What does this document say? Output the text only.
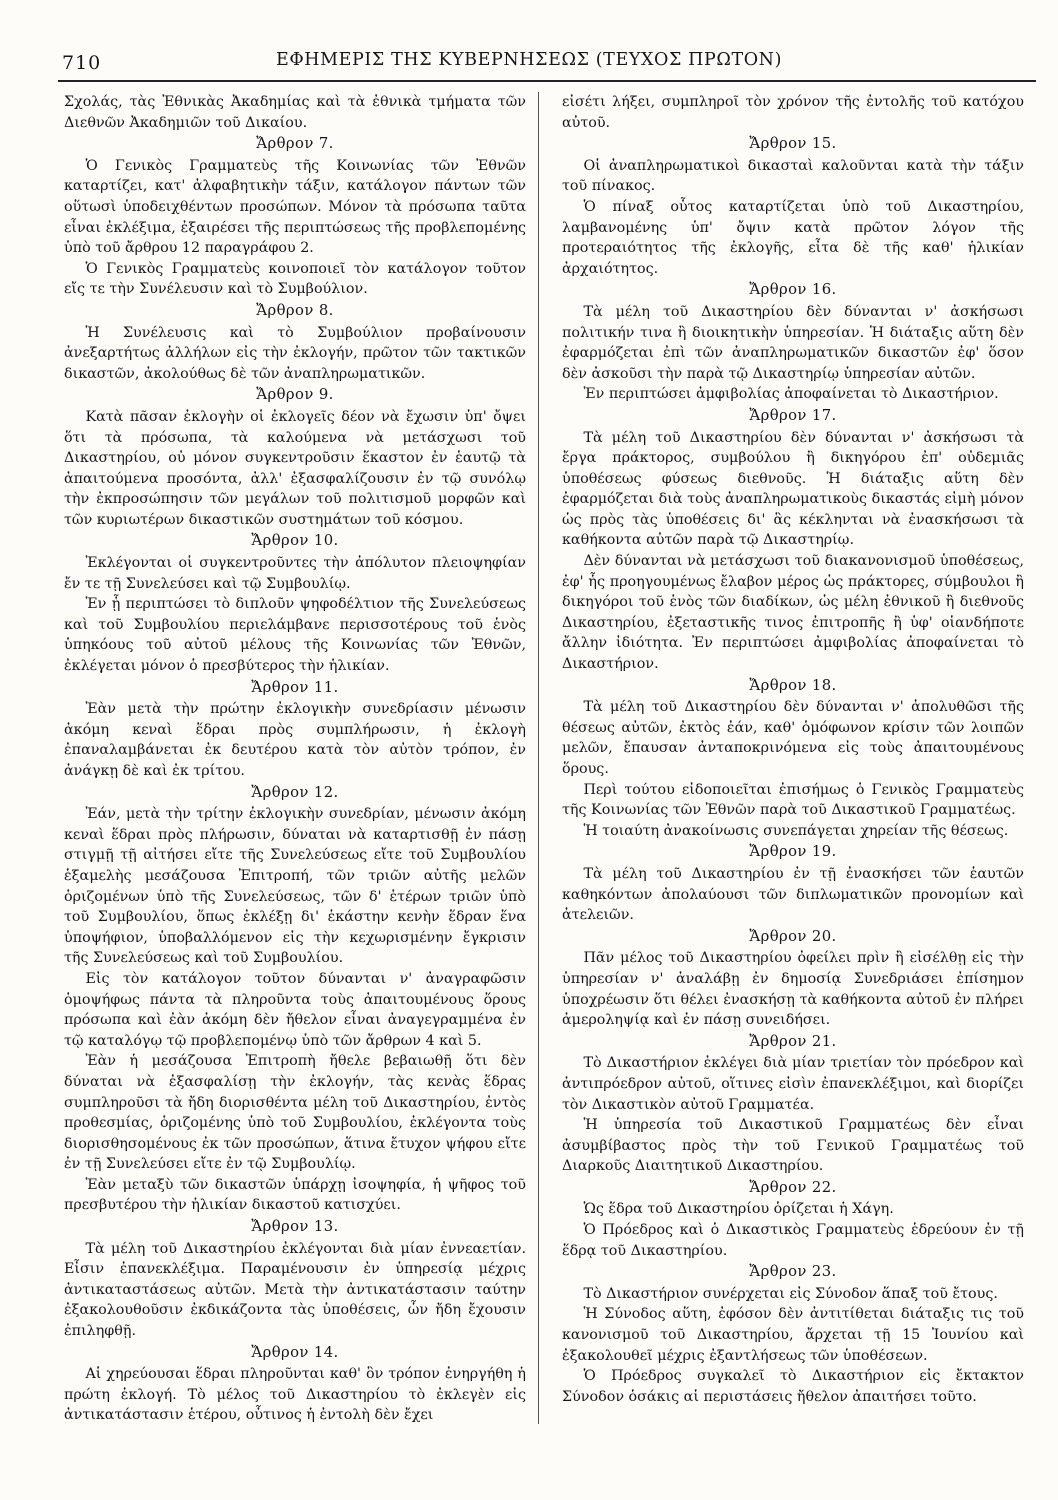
710	ΕΦΗΜΕΡΙΣ ΤΗΣ ΚΥΒΕΡΝΗΣΕΩΣ (ΤΕΥΧΟΣ ΠΡΩΤΟΝ)

Σχολάς, τὰς Ἐθνικὰς Ἀκαδημίας καὶ τὰ ἐθνικὰ τμήματα τῶν Διεθνῶν Ἀκαδημιῶν τοῦ Δικαίου.

Ἄρθρον 7.

Ὁ Γενικὸς Γραμματεὺς τῆς Κοινωνίας τῶν Ἐθνῶν καταρτίζει, κατ' ἀλφαβητικὴν τάξιν, κατάλογον πάντων τῶν οὕτωσὶ ὑποδειχθέντων προσώπων. Μόνον τὰ πρόσωπα ταῦτα εἶναι ἐκλέξιμα, ἐξαιρέσει τῆς περιπτώσεως τῆς προβλεπομένης ὑπὸ τοῦ ἄρθρου 12 παραγράφου 2.

Ὁ Γενικὸς Γραμματεὺς κοινοποιεῖ τὸν κατάλογον τοῦτον εἴς τε τὴν Συνέλευσιν καὶ τὸ Συμβούλιον.

Ἄρθρον 8.

Ἡ Συνέλευσις καὶ τὸ Συμβούλιον προβαίνουσιν ἀνεξαρτήτως ἀλλήλων εἰς τὴν ἐκλογήν, πρῶτον τῶν τακτικῶν δικαστῶν, ἀκολούθως δὲ τῶν ἀναπληρωματικῶν.

Ἄρθρον 9.

Κατὰ πᾶσαν ἐκλογὴν οἱ ἐκλογεῖς δέον νὰ ἔχωσιν ὑπ' ὄψει ὅτι τὰ πρόσωπα, τὰ καλούμενα νὰ μετάσχωσι τοῦ Δικαστηρίου, οὐ μόνον συγκεντροῦσιν ἕκαστον ἐν ἑαυτῷ τὰ ἀπαιτούμενα προσόντα, ἀλλ' ἐξασφαλίζουσιν ἐν τῷ συνόλῳ τὴν ἐκπροσώπησιν τῶν μεγάλων τοῦ πολιτισμοῦ μορφῶν καὶ τῶν κυριωτέρων δικαστικῶν συστημάτων τοῦ κόσμου.

Ἄρθρον 10.

Ἐκλέγονται οἱ συγκεντροῦντες τὴν ἀπόλυτον πλειοψηφίαν ἔν τε τῇ Συνελεύσει καὶ τῷ Συμβουλίῳ.

Ἐν ᾗ περιπτώσει τὸ διπλοῦν ψηφοδέλτιον τῆς Συνελεύσεως καὶ τοῦ Συμβουλίου περιελάμβανε περισσοτέρους τοῦ ἑνὸς ὑπηκόους τοῦ αὐτοῦ μέλους τῆς Κοινωνίας τῶν Ἐθνῶν, ἐκλέγεται μόνον ὁ πρεσβύτερος τὴν ἡλικίαν.

Ἄρθρον 11.

Ἐὰν μετὰ τὴν πρώτην ἐκλογικὴν συνεδρίασιν μένωσιν ἀκόμη κεναὶ ἕδραι πρὸς συμπλήρωσιν, ἡ ἐκλογὴ ἐπαναλαμβάνεται ἐκ δευτέρου κατὰ τὸν αὐτὸν τρόπον, ἐν ἀνάγκῃ δὲ καὶ ἐκ τρίτου.

Ἄρθρον 12.

Ἐάν, μετὰ τὴν τρίτην ἐκλογικὴν συνεδρίαν, μένωσιν ἀκόμη κεναὶ ἕδραι πρὸς πλήρωσιν, δύναται νὰ καταρτισθῇ ἐν πάσῃ στιγμῇ τῇ αἰτήσει εἴτε τῆς Συνελεύσεως εἴτε τοῦ Συμβουλίου ἑξαμελὴς μεσάζουσα Ἐπιτροπή, τῶν τριῶν αὐτῆς μελῶν ὁριζομένων ὑπὸ τῆς Συνελεύσεως, τῶν δ' ἑτέρων τριῶν ὑπὸ τοῦ Συμβουλίου, ὅπως ἐκλέξῃ δι' ἑκάστην κενὴν ἕδραν ἕνα ὑποψήφιον, ὑποβαλλόμενον εἰς τὴν κεχωρισμένην ἔγκρισιν τῆς Συνελεύσεως καὶ τοῦ Συμβουλίου.

Εἰς τὸν κατάλογον τοῦτον δύνανται ν' ἀναγραφῶσιν ὁμοψήφως πάντα τὰ πληροῦντα τοὺς ἀπαιτουμένους ὅρους πρόσωπα καὶ ἐὰν ἀκόμη δὲν ἤθελον εἶναι ἀναγεγραμμένα ἐν τῷ καταλόγῳ τῷ προβλεπομένῳ ὑπὸ τῶν ἄρθρων 4 καὶ 5.

Ἐὰν ἡ μεσάζουσα Ἐπιτροπὴ ἤθελε βεβαιωθῇ ὅτι δὲν δύναται νὰ ἐξασφαλίσῃ τὴν ἐκλογήν, τὰς κενὰς ἕδρας συμπληροῦσι τὰ ἤδη διορισθέντα μέλη τοῦ Δικαστηρίου, ἐντὸς προθεσμίας, ὁριζομένης ὑπὸ τοῦ Συμβουλίου, ἐκλέγοντα τοὺς διορισθησομένους ἐκ τῶν προσώπων, ἅτινα ἔτυχον ψήφου εἴτε ἐν τῇ Συνελεύσει εἴτε ἐν τῷ Συμβουλίῳ.

Ἐὰν μεταξὺ τῶν δικαστῶν ὑπάρχῃ ἰσοψηφία, ἡ ψῆφος τοῦ πρεσβυτέρου τὴν ἡλικίαν δικαστοῦ κατισχύει.

Ἄρθρον 13.

Τὰ μέλη τοῦ Δικαστηρίου ἐκλέγονται διὰ μίαν ἐννεαετίαν. Εἶσιν ἐπανεκλέξιμα. Παραμένουσιν ἐν ὑπηρεσίᾳ μέχρις ἀντικαταστάσεως αὐτῶν. Μετὰ τὴν ἀντικατάστασιν ταύτην ἐξακολουθοῦσιν ἐκδικάζοντα τὰς ὑποθέσεις, ὧν ἤδη ἔχουσιν ἐπιληφθῇ.

Ἄρθρον 14.

Αἱ χηρεύουσαι ἕδραι πληροῦνται καθ' ὃν τρόπον ἐνηργήθη ἡ πρώτη ἐκλογή. Τὸ μέλος τοῦ Δικαστηρίου τὸ ἐκλεγὲν εἰς ἀντικατάστασιν ἑτέρου, οὗτινος ἡ ἐντολὴ δὲν ἔχει

εἰσέτι λήξει, συμπληροῖ τὸν χρόνον τῆς ἐντολῆς τοῦ κατόχου αὐτοῦ.

Ἄρθρον 15.

Οἱ ἀναπληρωματικοὶ δικασταὶ καλοῦνται κατὰ τὴν τάξιν τοῦ πίνακος.

Ὁ πίναξ οὗτος καταρτίζεται ὑπὸ τοῦ Δικαστηρίου, λαμβανομένης ὑπ' ὄψιν κατὰ πρῶτον λόγον τῆς προτεραιότητος τῆς ἐκλογῆς, εἶτα δὲ τῆς καθ' ἡλικίαν ἀρχαιότητος.

Ἄρθρον 16.

Τὰ μέλη τοῦ Δικαστηρίου δὲν δύνανται ν' ἀσκήσωσι πολιτικήν τινα ἢ διοικητικὴν ὑπηρεσίαν. Ἡ διάταξις αὕτη δὲν ἐφαρμόζεται ἐπὶ τῶν ἀναπληρωματικῶν δικαστῶν ἐφ' ὅσον δὲν ἀσκοῦσι τὴν παρὰ τῷ Δικαστηρίῳ ὑπηρεσίαν αὐτῶν.

Ἐν περιπτώσει ἀμφιβολίας ἀποφαίνεται τὸ Δικαστήριον.

Ἄρθρον 17.

Τὰ μέλη τοῦ Δικαστηρίου δὲν δύνανται ν' ἀσκήσωσι τὰ ἔργα πράκτορος, συμβούλου ἢ δικηγόρου ἐπ' οὐδεμιᾶς ὑποθέσεως φύσεως διεθνοῦς. Ἡ διάταξις αὕτη δὲν ἐφαρμόζεται διὰ τοὺς ἀναπληρωματικοὺς δικαστάς εἰμὴ μόνον ὡς πρὸς τὰς ὑποθέσεις δι' ἃς κέκληνται νὰ ἐνασκήσωσι τὰ καθήκοντα αὐτῶν παρὰ τῷ Δικαστηρίῳ.

Δὲν δύνανται νὰ μετάσχωσι τοῦ διακανονισμοῦ ὑποθέσεως, ἐφ' ἧς προηγουμένως ἔλαβον μέρος ὡς πράκτορες, σύμβουλοι ἢ δικηγόροι τοῦ ἑνὸς τῶν διαδίκων, ὡς μέλη ἐθνικοῦ ἢ διεθνοῦς Δικαστηρίου, ἐξεταστικῆς τινος ἐπιτροπῆς ἢ ὑφ' οἱανδήποτε ἄλλην ἰδιότητα. Ἐν περιπτώσει ἀμφιβολίας ἀποφαίνεται τὸ Δικαστήριον.

Ἄρθρον 18.

Τὰ μέλη τοῦ Δικαστηρίου δὲν δύνανται ν' ἀπολυθῶσι τῆς θέσεως αὐτῶν, ἐκτὸς ἐάν, καθ' ὁμόφωνον κρίσιν τῶν λοιπῶν μελῶν, ἔπαυσαν ἀνταποκρινόμενα εἰς τοὺς ἀπαιτουμένους ὅρους.

Περὶ τούτου εἰδοποιεῖται ἐπισήμως ὁ Γενικὸς Γραμματεὺς τῆς Κοινωνίας τῶν Ἐθνῶν παρὰ τοῦ Δικαστικοῦ Γραμματέως.

Ἡ τοιαύτη ἀνακοίνωσις συνεπάγεται χηρείαν τῆς θέσεως.

Ἄρθρον 19.

Τὰ μέλη τοῦ Δικαστηρίου ἐν τῇ ἐνασκήσει τῶν ἑαυτῶν καθηκόντων ἀπολαύουσι τῶν διπλωματικῶν προνομίων καὶ ἀτελειῶν.

Ἄρθρον 20.

Πᾶν μέλος τοῦ Δικαστηρίου ὀφείλει πρὶν ἢ εἰσέλθῃ εἰς τὴν ὑπηρεσίαν ν' ἀναλάβῃ ἐν δημοσίᾳ Συνεδριάσει ἐπίσημον ὑποχρέωσιν ὅτι θέλει ἐνασκήσῃ τὰ καθήκοντα αὐτοῦ ἐν πλήρει ἀμεροληψίᾳ καὶ ἐν πάσῃ συνειδήσει.

Ἄρθρον 21.

Τὸ Δικαστήριον ἐκλέγει διὰ μίαν τριετίαν τὸν πρόεδρον καὶ ἀντιπρόεδρον αὐτοῦ, οἵτινες εἰσὶν ἐπανεκλέξιμοι, καὶ διορίζει τὸν Δικαστικὸν αὐτοῦ Γραμματέα.

Ἡ ὑπηρεσία τοῦ Δικαστικοῦ Γραμματέως δὲν εἶναι ἀσυμβίβαστος πρὸς τὴν τοῦ Γενικοῦ Γραμματέως τοῦ Διαρκοῦς Διαιτητικοῦ Δικαστηρίου.

Ἄρθρον 22.

Ὡς ἕδρα τοῦ Δικαστηρίου ὁρίζεται ἡ Χάγη.

Ὁ Πρόεδρος καὶ ὁ Δικαστικὸς Γραμματεὺς ἑδρεύουν ἐν τῇ ἕδρᾳ τοῦ Δικαστηρίου.

Ἄρθρον 23.

Τὸ Δικαστήριον συνέρχεται εἰς Σύνοδον ἅπαξ τοῦ ἔτους.

Ἡ Σύνοδος αὕτη, ἐφόσον δὲν ἀντιτίθεται διάταξις τις τοῦ κανονισμοῦ τοῦ Δικαστηρίου, ἄρχεται τῇ 15 Ἰουνίου καὶ ἐξακολουθεῖ μέχρις ἐξαντλήσεως τῶν ὑποθέσεων.

Ὁ Πρόεδρος συγκαλεῖ τὸ Δικαστήριον εἰς ἔκτακτον Σύνοδον ὁσάκις αἱ περιστάσεις ἤθελον ἀπαιτήσει τοῦτο.
